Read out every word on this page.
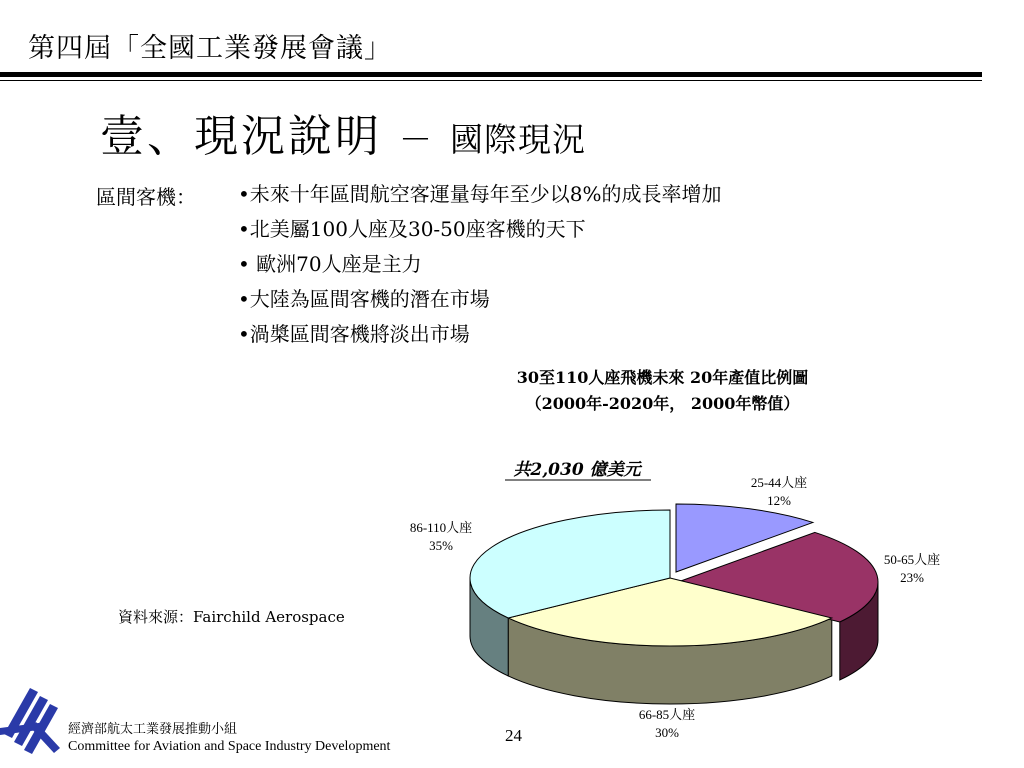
第四屆「全國工業發展會議」
壹、現況說明 － 國際現況
區間客機： •未來十年區間航空客運量每年至少以8%的成長率增加
•北美屬100人座及30-50座客機的天下
• 歐洲70人座是主力
•大陸為區間客機的潛在市場
•渦槳區間客機將淡出市場
30至110人座飛機未來 20年產值比例圖
（2000年-2020年， 2000年幣值）
25-44人座
12%
50-65人座
23%
66-85人座
30%
86-110人座
35%
共2,030 億美元
資料來源：Fairchild Aerospace
經濟部航太工業發展推動小組
Committee for Aviation and Space Industry Development
24
